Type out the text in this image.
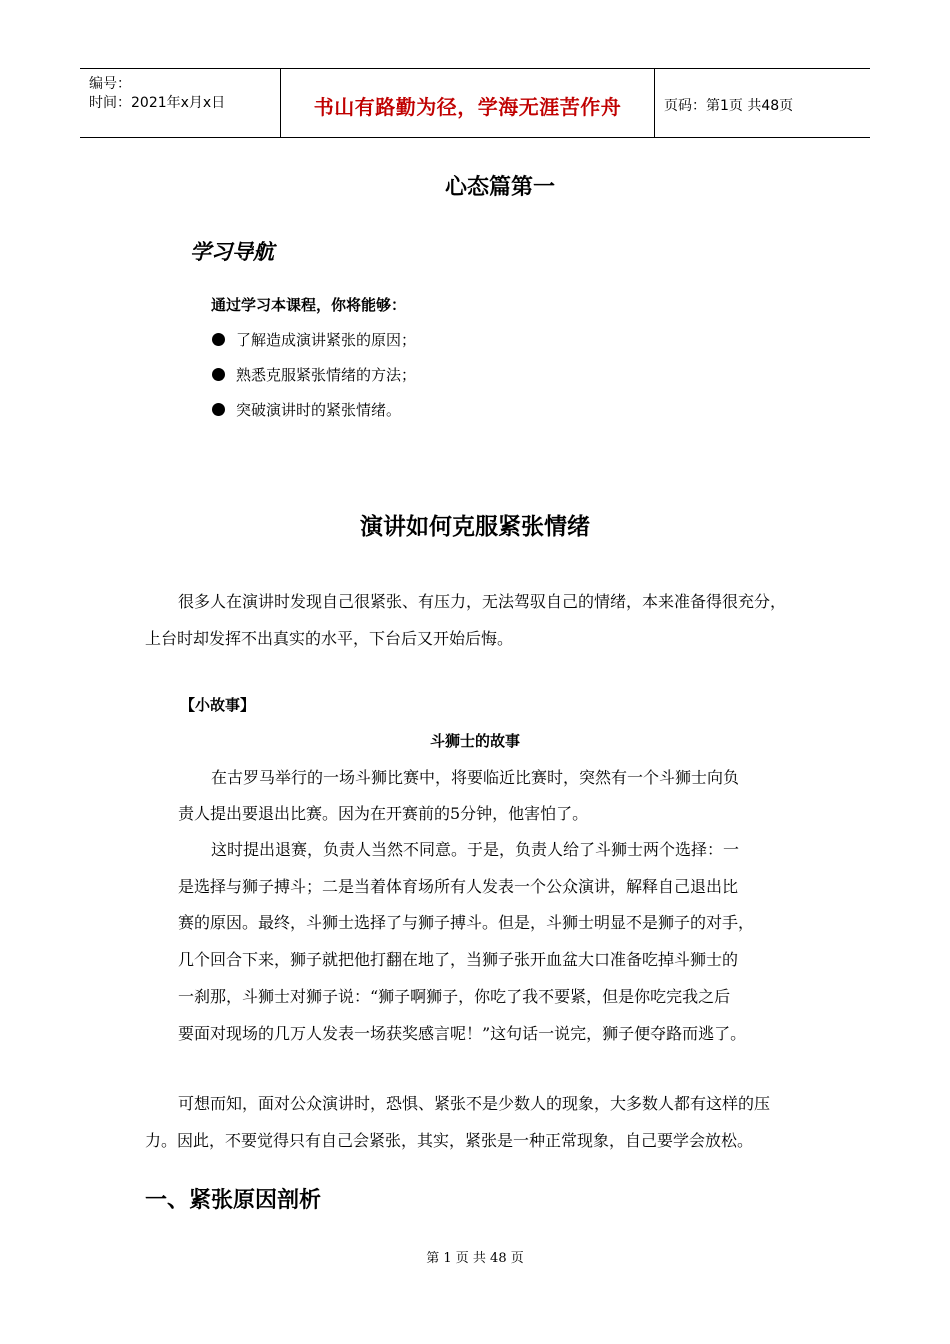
编号：
时间：2021年x月x日	书山有路勤为径，学海无涯苦作舟	页码：第1页 共48页
心态篇第一
学习导航
通过学习本课程，你将能够：
了解造成演讲紧张的原因；
熟悉克服紧张情绪的方法；
突破演讲时的紧张情绪。
演讲如何克服紧张情绪
很多人在演讲时发现自己很紧张、有压力，无法驾驭自己的情绪，本来准备得很充分，
上台时却发挥不出真实的水平，下台后又开始后悔。
【小故事】
斗狮士的故事
在古罗马举行的一场斗狮比赛中，将要临近比赛时，突然有一个斗狮士向负
责人提出要退出比赛。因为在开赛前的5分钟，他害怕了。
这时提出退赛，负责人当然不同意。于是，负责人给了斗狮士两个选择：一
是选择与狮子搏斗；二是当着体育场所有人发表一个公众演讲，解释自己退出比
赛的原因。最终，斗狮士选择了与狮子搏斗。但是，斗狮士明显不是狮子的对手，
几个回合下来，狮子就把他打翻在地了，当狮子张开血盆大口准备吃掉斗狮士的
一刹那，斗狮士对狮子说：“狮子啊狮子，你吃了我不要紧，但是你吃完我之后
要面对现场的几万人发表一场获奖感言呢！”这句话一说完，狮子便夺路而逃了。
可想而知，面对公众演讲时，恐惧、紧张不是少数人的现象，大多数人都有这样的压
力。因此，不要觉得只有自己会紧张，其实，紧张是一种正常现象，自己要学会放松。
一、紧张原因剖析
第 1 页 共 48 页
